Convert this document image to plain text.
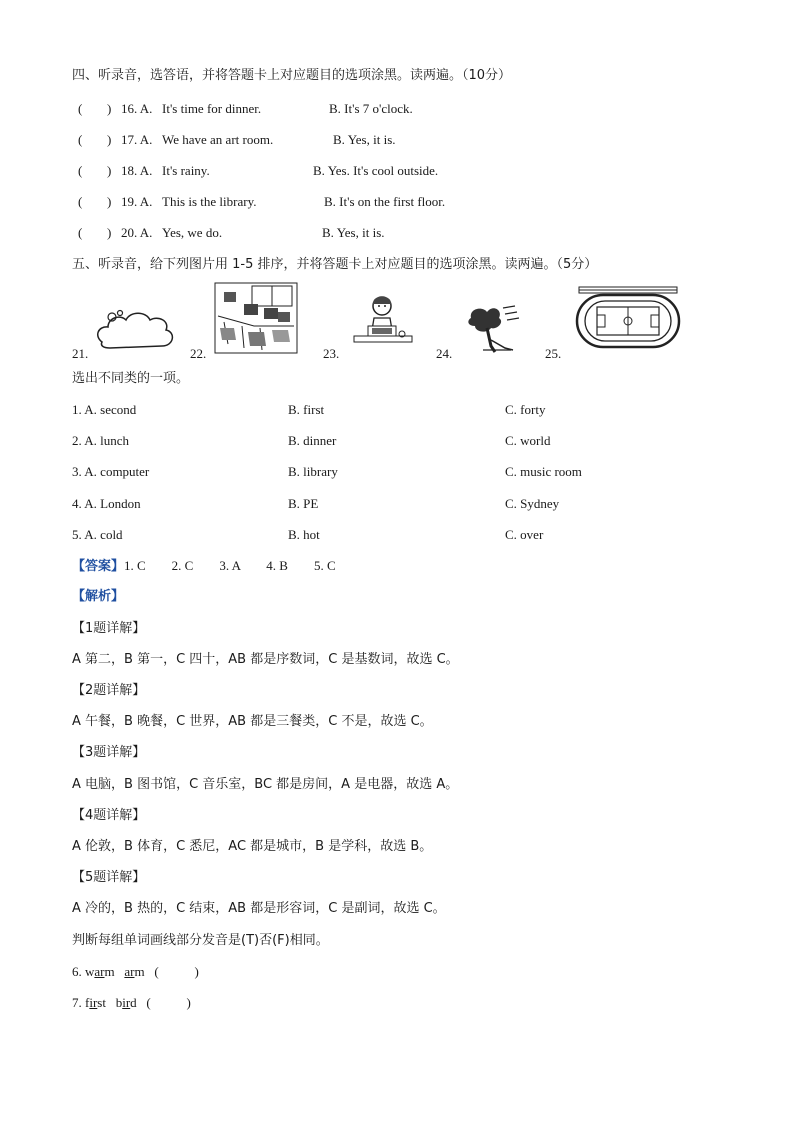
四、听录音，选答语，并将答题卡上对应题目的选项涂黑。读两遍。（10分）
( ) 16. A. It's time for dinner.	B. It's 7 o'clock.
( ) 17. A. We have an art room.	B. Yes, it is.
( ) 18. A. It's rainy.	B. Yes. It's cool outside.
( ) 19. A. This is the library.	B. It's on the first floor.
( ) 20. A. Yes, we do.	B. Yes, it is.
五、听录音，给下列图片用 1-5 排序，并将答题卡上对应题目的选项涂黑。读两遍。（5分）
21.	22.	23.	24.	25.
选出不同类的一项。
1. A. second	B. first	C. forty
2. A. lunch	B. dinner	C. world
3. A. computer	B. library	C. music room
4. A. London	B. PE	C. Sydney
5. A. cold	B. hot	C. over
【答案】1. C        2. C        3. A        4. B        5. C
【解析】
【1题详解】
A 第二，B 第一，C 四十，AB 都是序数词，C 是基数词，故选 C。
【2题详解】
A 午餐，B 晚餐，C 世界，AB 都是三餐类，C 不是，故选 C。
【3题详解】
A 电脑，B 图书馆，C 音乐室，BC 都是房间，A 是电器，故选 A。
【4题详解】
A 伦敦，B 体育，C 悉尼，AC 都是城市，B 是学科，故选 B。
【5题详解】
A 冷的，B 热的，C 结束，AB 都是形容词，C 是副词，故选 C。
判断每组单词画线部分发音是(T)否(F)相同。
6. warm arm (           )
7. first bird (           )
